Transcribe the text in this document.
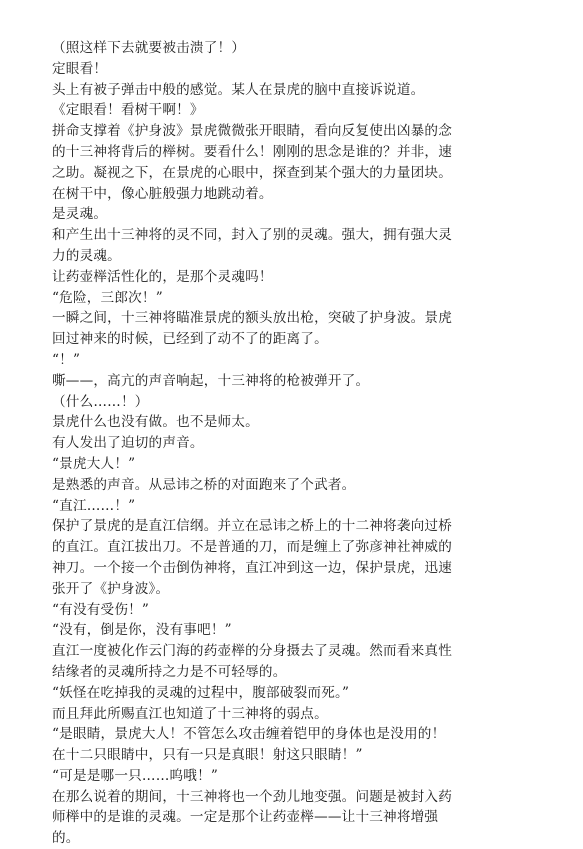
（照这样下去就要被击溃了！）
定眼看！
头上有被子弹击中般的感觉。某人在景虎的脑中直接诉说道。
《定眼看！看树干啊！》
拼命支撑着《护身波》景虎微微张开眼睛，看向反复使出凶暴的念
的十三神将背后的榉树。要看什么！刚刚的思念是谁的？并非，速
之助。凝视之下，在景虎的心眼中，探查到某个强大的力量团块。
在树干中，像心脏般强力地跳动着。
是灵魂。
和产生出十三神将的灵不同，封入了别的灵魂。强大，拥有强大灵
力的灵魂。
让药壶榉活性化的，是那个灵魂吗！
“危险，三郎次！”
一瞬之间，十三神将瞄准景虎的额头放出枪，突破了护身波。景虎
回过神来的时候，已经到了动不了的距离了。
“！”
嘶——，高亢的声音响起，十三神将的枪被弹开了。
（什么……！）
景虎什么也没有做。也不是师太。
有人发出了迫切的声音。
“景虎大人！”
是熟悉的声音。从忌讳之桥的对面跑来了个武者。
“直江……！”
保护了景虎的是直江信纲。并立在忌讳之桥上的十二神将袭向过桥
的直江。直江拔出刀。不是普通的刀，而是缠上了弥彦神社神威的
神刀。一个接一个击倒伪神将，直江冲到这一边，保护景虎，迅速
张开了《护身波》。
“有没有受伤！”
“没有，倒是你，没有事吧！”
直江一度被化作云门海的药壶榉的分身摄去了灵魂。然而看来真性
结缘者的灵魂所持之力是不可轻辱的。
“妖怪在吃掉我的灵魂的过程中，腹部破裂而死。”
而且拜此所赐直江也知道了十三神将的弱点。
“是眼睛，景虎大人！不管怎么攻击缠着铠甲的身体也是没用的！
在十二只眼睛中，只有一只是真眼！射这只眼睛！”
“可是是哪一只……呜哦！”
在那么说着的期间，十三神将也一个劲儿地变强。问题是被封入药
师榉中的是谁的灵魂。一定是那个让药壶榉——让十三神将增强
的。
